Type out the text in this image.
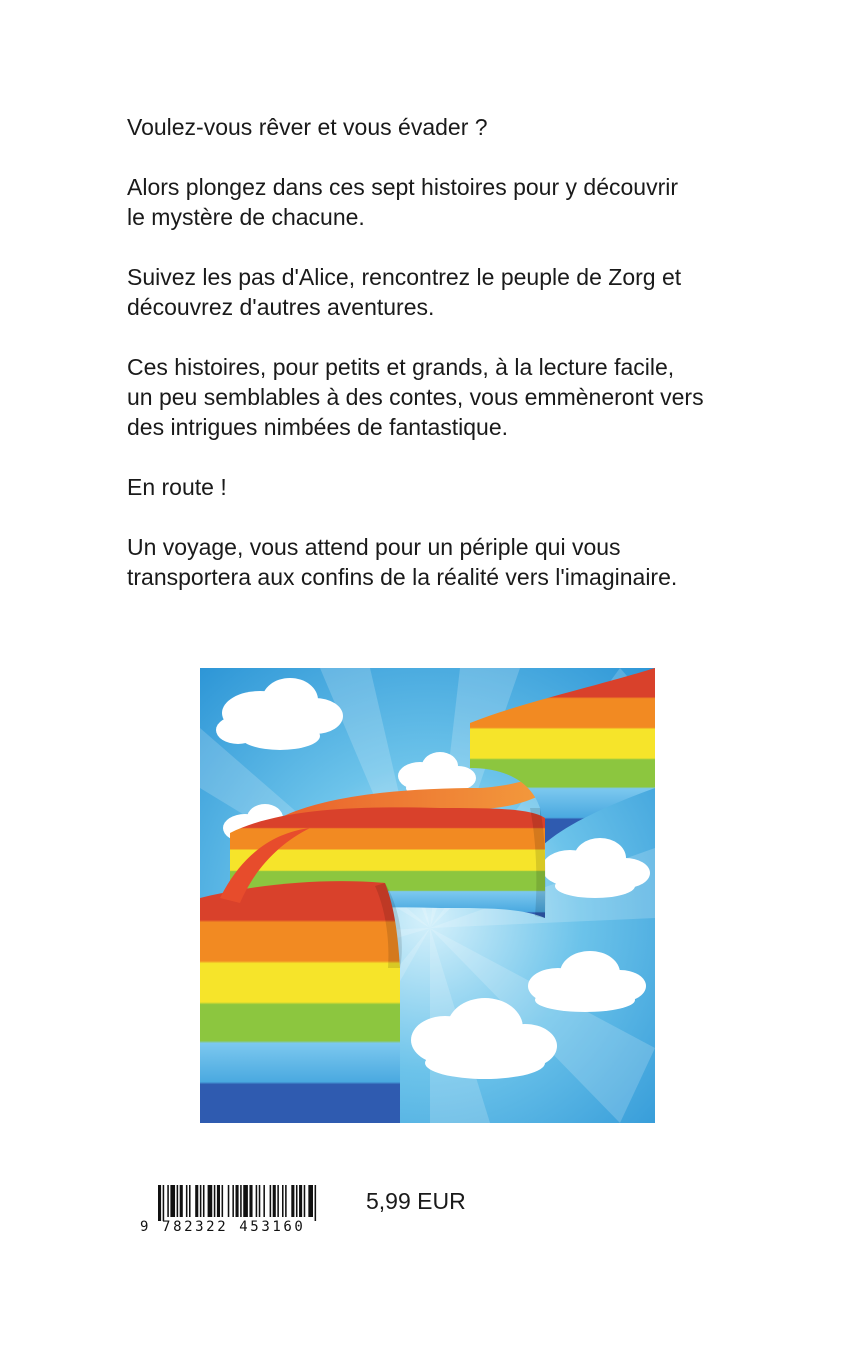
Voulez-vous rêver et vous évader ?

Alors plongez dans ces sept histoires pour y découvrir
le mystère de chacune.

Suivez les pas d'Alice, rencontrez le peuple de Zorg et
découvrez d'autres aventures.

Ces histoires, pour petits et grands, à la lecture facile,
un peu semblables à des contes, vous emmèneront vers
des intrigues nimbées de fantastique.

En route !

Un voyage, vous attend pour un périple qui vous
transportera aux confins de la réalité vers l'imaginaire.

9 782322 453160
5,99 EUR
